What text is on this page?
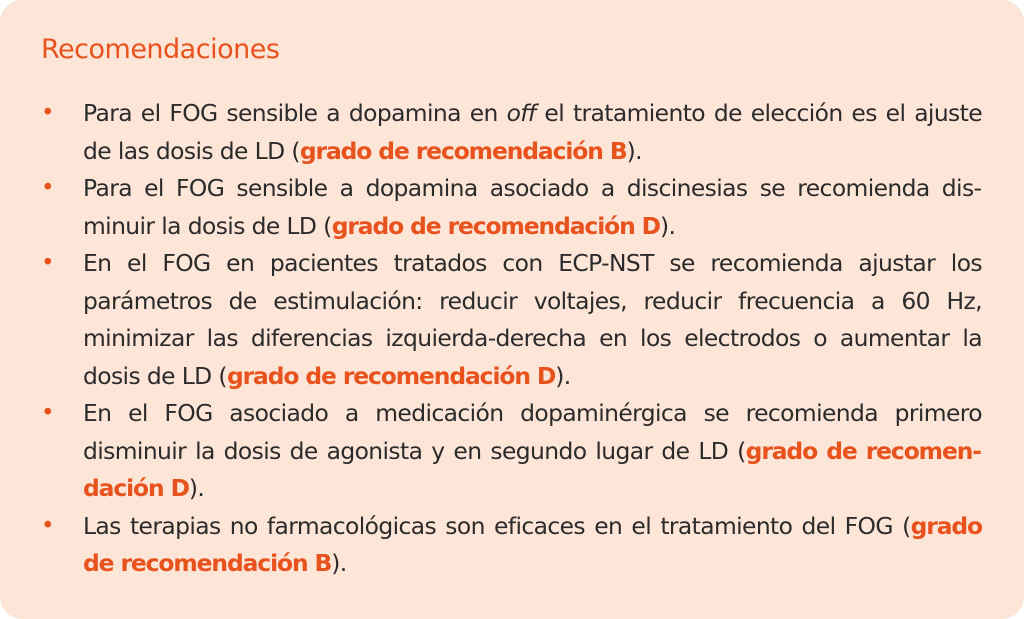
Recomendaciones
• Para el FOG sensible a dopamina en off el tratamiento de elección es el ajuste de las dosis de LD (grado de recomendación B).
• Para el FOG sensible a dopamina asociado a discinesias se recomienda disminuir la dosis de LD (grado de recomendación D).
• En el FOG en pacientes tratados con ECP-NST se recomienda ajustar los parámetros de estimulación: reducir voltajes, reducir frecuencia a 60 Hz, minimizar las diferencias izquierda-derecha en los electrodos o aumentar la dosis de LD (grado de recomendación D).
• En el FOG asociado a medicación dopaminérgica se recomienda primero disminuir la dosis de agonista y en segundo lugar de LD (grado de recomendación D).
• Las terapias no farmacológicas son eficaces en el tratamiento del FOG (grado de recomendación B).
